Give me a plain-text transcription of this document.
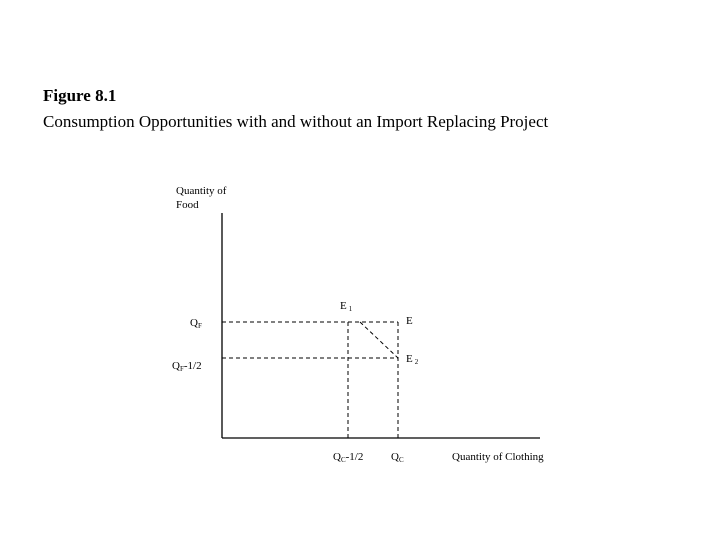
Figure 8.1

Consumption Opportunities with and without an Import Replacing Project

Quantity of
Food
Quantity of Clothing
QF
QF-1/2
QC-1/2	QC
E 1
E
E 2
